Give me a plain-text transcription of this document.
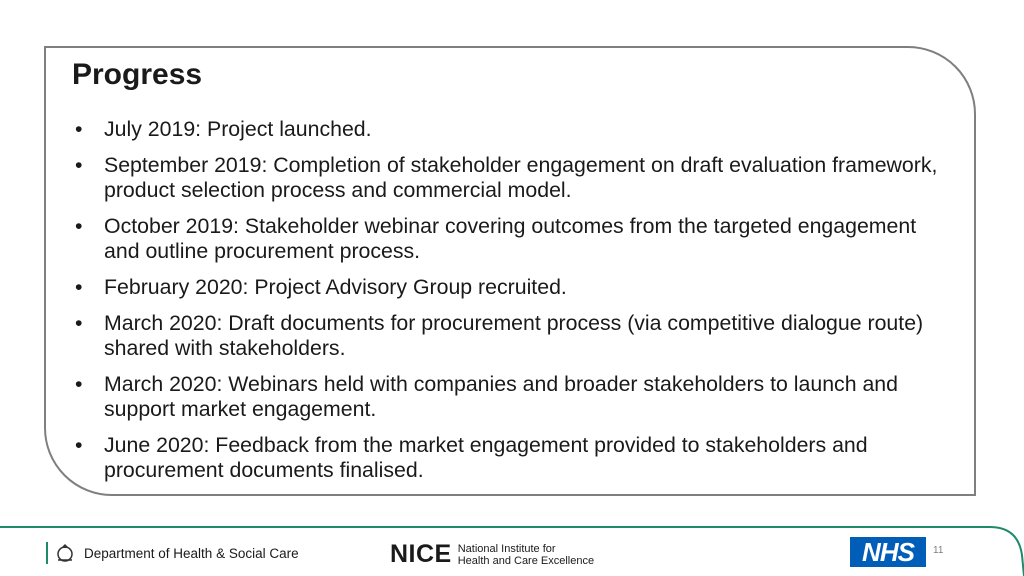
Progress
• July 2019: Project launched.
• September 2019: Completion of stakeholder engagement on draft evaluation framework, product selection process and commercial model.
• October 2019: Stakeholder webinar covering outcomes from the targeted engagement and outline procurement process.
• February 2020: Project Advisory Group recruited.
• March 2020: Draft documents for procurement process (via competitive dialogue route) shared with stakeholders.
• March 2020: Webinars held with companies and broader stakeholders to launch and support market engagement.
• June 2020: Feedback from the market engagement provided to stakeholders and procurement documents finalised.
Department of Health & Social Care	NICE National Institute for
Health and Care Excellence	NHS 11
